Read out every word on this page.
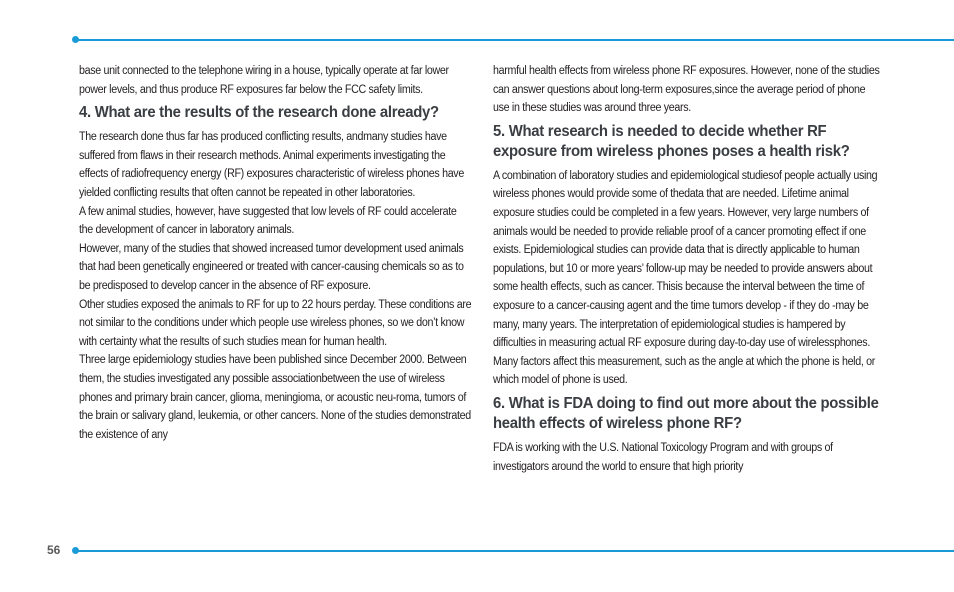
base unit connected to the telephone wiring in a house, typically operate at far lower power levels, and thus produce RF exposures far below the FCC safety limits.

4. What are the results of the research done already?

The research done thus far has produced conflicting results, andmany studies have suffered from flaws in their research methods. Animal experiments investigating the effects of radiofrequency energy (RF) exposures characteristic of wireless phones have yielded conflicting results that often cannot be repeated in other laboratories.

A few animal studies, however, have suggested that low levels of RF could accelerate the development of cancer in laboratory animals.

However, many of the studies that showed increased tumor development used animals that had been genetically engineered or treated with cancer-causing chemicals so as to be predisposed to develop cancer in the absence of RF exposure.

Other studies exposed the animals to RF for up to 22 hours perday. These conditions are not similar to the conditions under which people use wireless phones, so we don’t know with certainty what the results of such studies mean for human health.

Three large epidemiology studies have been published since December 2000. Between them, the studies investigated any possible associationbetween the use of wireless phones and primary brain cancer, glioma, meningioma, or acoustic neu-roma, tumors of the brain or salivary gland, leukemia, or other cancers. None of the studies demonstrated the existence of any

harmful health effects from wireless phone RF exposures. However, none of the studies can answer questions about long-term exposures,since the average period of phone use in these studies was around three years.

5. What research is needed to decide whether RF exposure from wireless phones poses a health risk?

A combination of laboratory studies and epidemiological studiesof people actually using wireless phones would provide some of thedata that are needed. Lifetime animal exposure studies could be completed in a few years. However, very large numbers of animals would be needed to provide reliable proof of a cancer promoting effect if one exists. Epidemiological studies can provide data that is directly applicable to human populations, but 10 or more years’ follow-up may be needed to provide answers about some health effects, such as cancer. Thisis because the interval between the time of exposure to a cancer-causing agent and the time tumors develop - if they do -may be many, many years. The interpretation of epidemiological studies is hampered by difficulties in measuring actual RF exposure during day-to-day use of wirelessphones. Many factors affect this measurement, such as the angle at which the phone is held, or which model of phone is used.

6. What is FDA doing to find out more about the possible health effects of wireless phone RF?

FDA is working with the U.S. National Toxicology Program and with groups of investigators around the world to ensure that high priority

56
